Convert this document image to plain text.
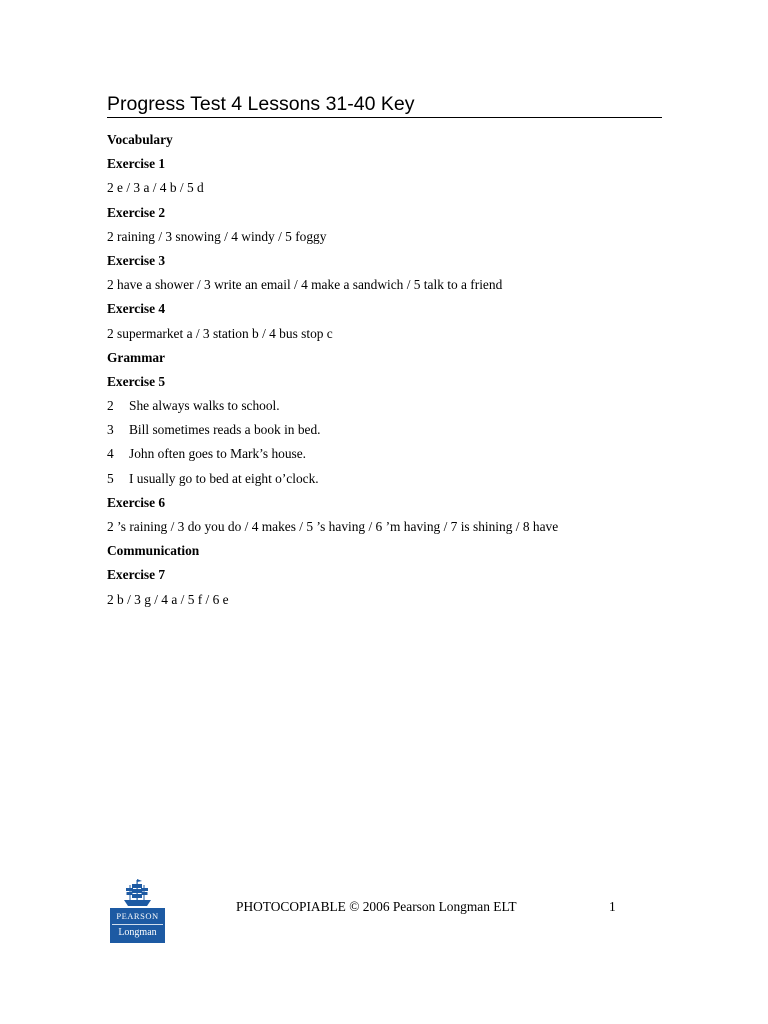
Progress Test 4 Lessons 31-40 Key
Vocabulary
Exercise 1
2 e / 3 a / 4 b / 5 d
Exercise 2
2 raining / 3 snowing / 4 windy / 5 foggy
Exercise 3
2 have a shower / 3 write an email / 4 make a sandwich / 5 talk to a friend
Exercise 4
2 supermarket a / 3 station b / 4 bus stop c
Grammar
Exercise 5
2 She always walks to school.
3 Bill sometimes reads a book in bed.
4 John often goes to Mark’s house.
5 I usually go to bed at eight o’clock.
Exercise 6
2 ’s raining / 3 do you do / 4 makes / 5 ’s having / 6 ’m having / 7 is shining / 8 have
Communication
Exercise 7
2 b / 3 g / 4 a / 5 f / 6 e
PEARSON
Longman
PHOTOCOPIABLE © 2006 Pearson Longman ELT	1
